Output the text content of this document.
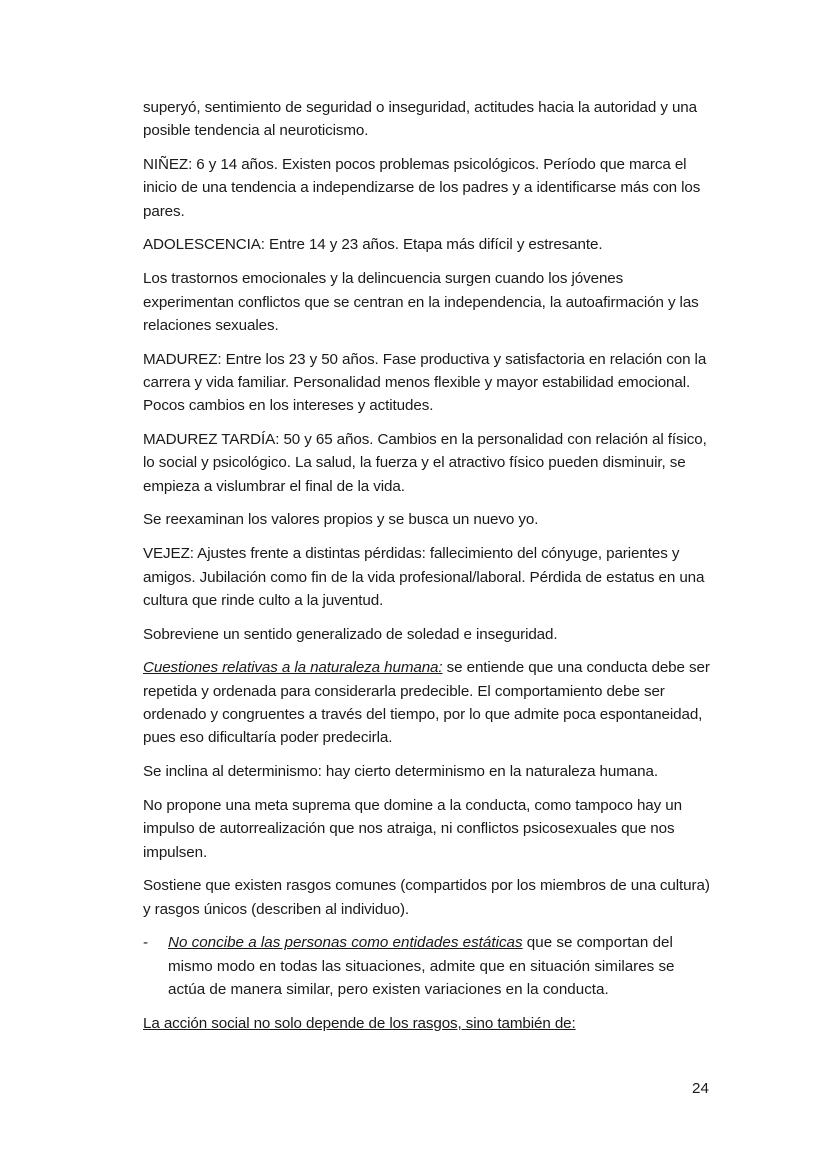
superyó, sentimiento de seguridad o inseguridad, actitudes hacia la autoridad y una posible tendencia al neuroticismo.

NIÑEZ: 6 y 14 años. Existen pocos problemas psicológicos. Período que marca el inicio de una tendencia a independizarse de los padres y a identificarse más con los pares.

ADOLESCENCIA: Entre 14 y 23 años. Etapa más difícil y estresante.

Los trastornos emocionales y la delincuencia surgen cuando los jóvenes experimentan conflictos que se centran en la independencia, la autoafirmación y las relaciones sexuales.

MADUREZ: Entre los 23 y 50 años. Fase productiva y satisfactoria en relación con la carrera y vida familiar. Personalidad menos flexible y mayor estabilidad emocional. Pocos cambios en los intereses y actitudes.

MADUREZ TARDÍA: 50 y 65 años. Cambios en la personalidad con relación al físico, lo social y psicológico. La salud, la fuerza y el atractivo físico pueden disminuir, se empieza a vislumbrar el final de la vida.

Se reexaminan los valores propios y se busca un nuevo yo.

VEJEZ: Ajustes frente a distintas pérdidas: fallecimiento del cónyuge, parientes y amigos. Jubilación como fin de la vida profesional/laboral. Pérdida de estatus en una cultura que rinde culto a la juventud.

Sobreviene un sentido generalizado de soledad e inseguridad.

Cuestiones relativas a la naturaleza humana: se entiende que una conducta debe ser repetida y ordenada para considerarla predecible. El comportamiento debe ser ordenado y congruentes a través del tiempo, por lo que admite poca espontaneidad, pues eso dificultaría poder predecirla.

Se inclina al determinismo: hay cierto determinismo en la naturaleza humana.

No propone una meta suprema que domine a la conducta, como tampoco hay un impulso de autorrealización que nos atraiga, ni conflictos psicosexuales que nos impulsen.

Sostiene que existen rasgos comunes (compartidos por los miembros de una cultura) y rasgos únicos (describen al individuo).

-	No concibe a las personas como entidades estáticas que se comportan del mismo modo en todas las situaciones, admite que en situación similares se actúa de manera similar, pero existen variaciones en la conducta.

La acción social no solo depende de los rasgos, sino también de:

24
